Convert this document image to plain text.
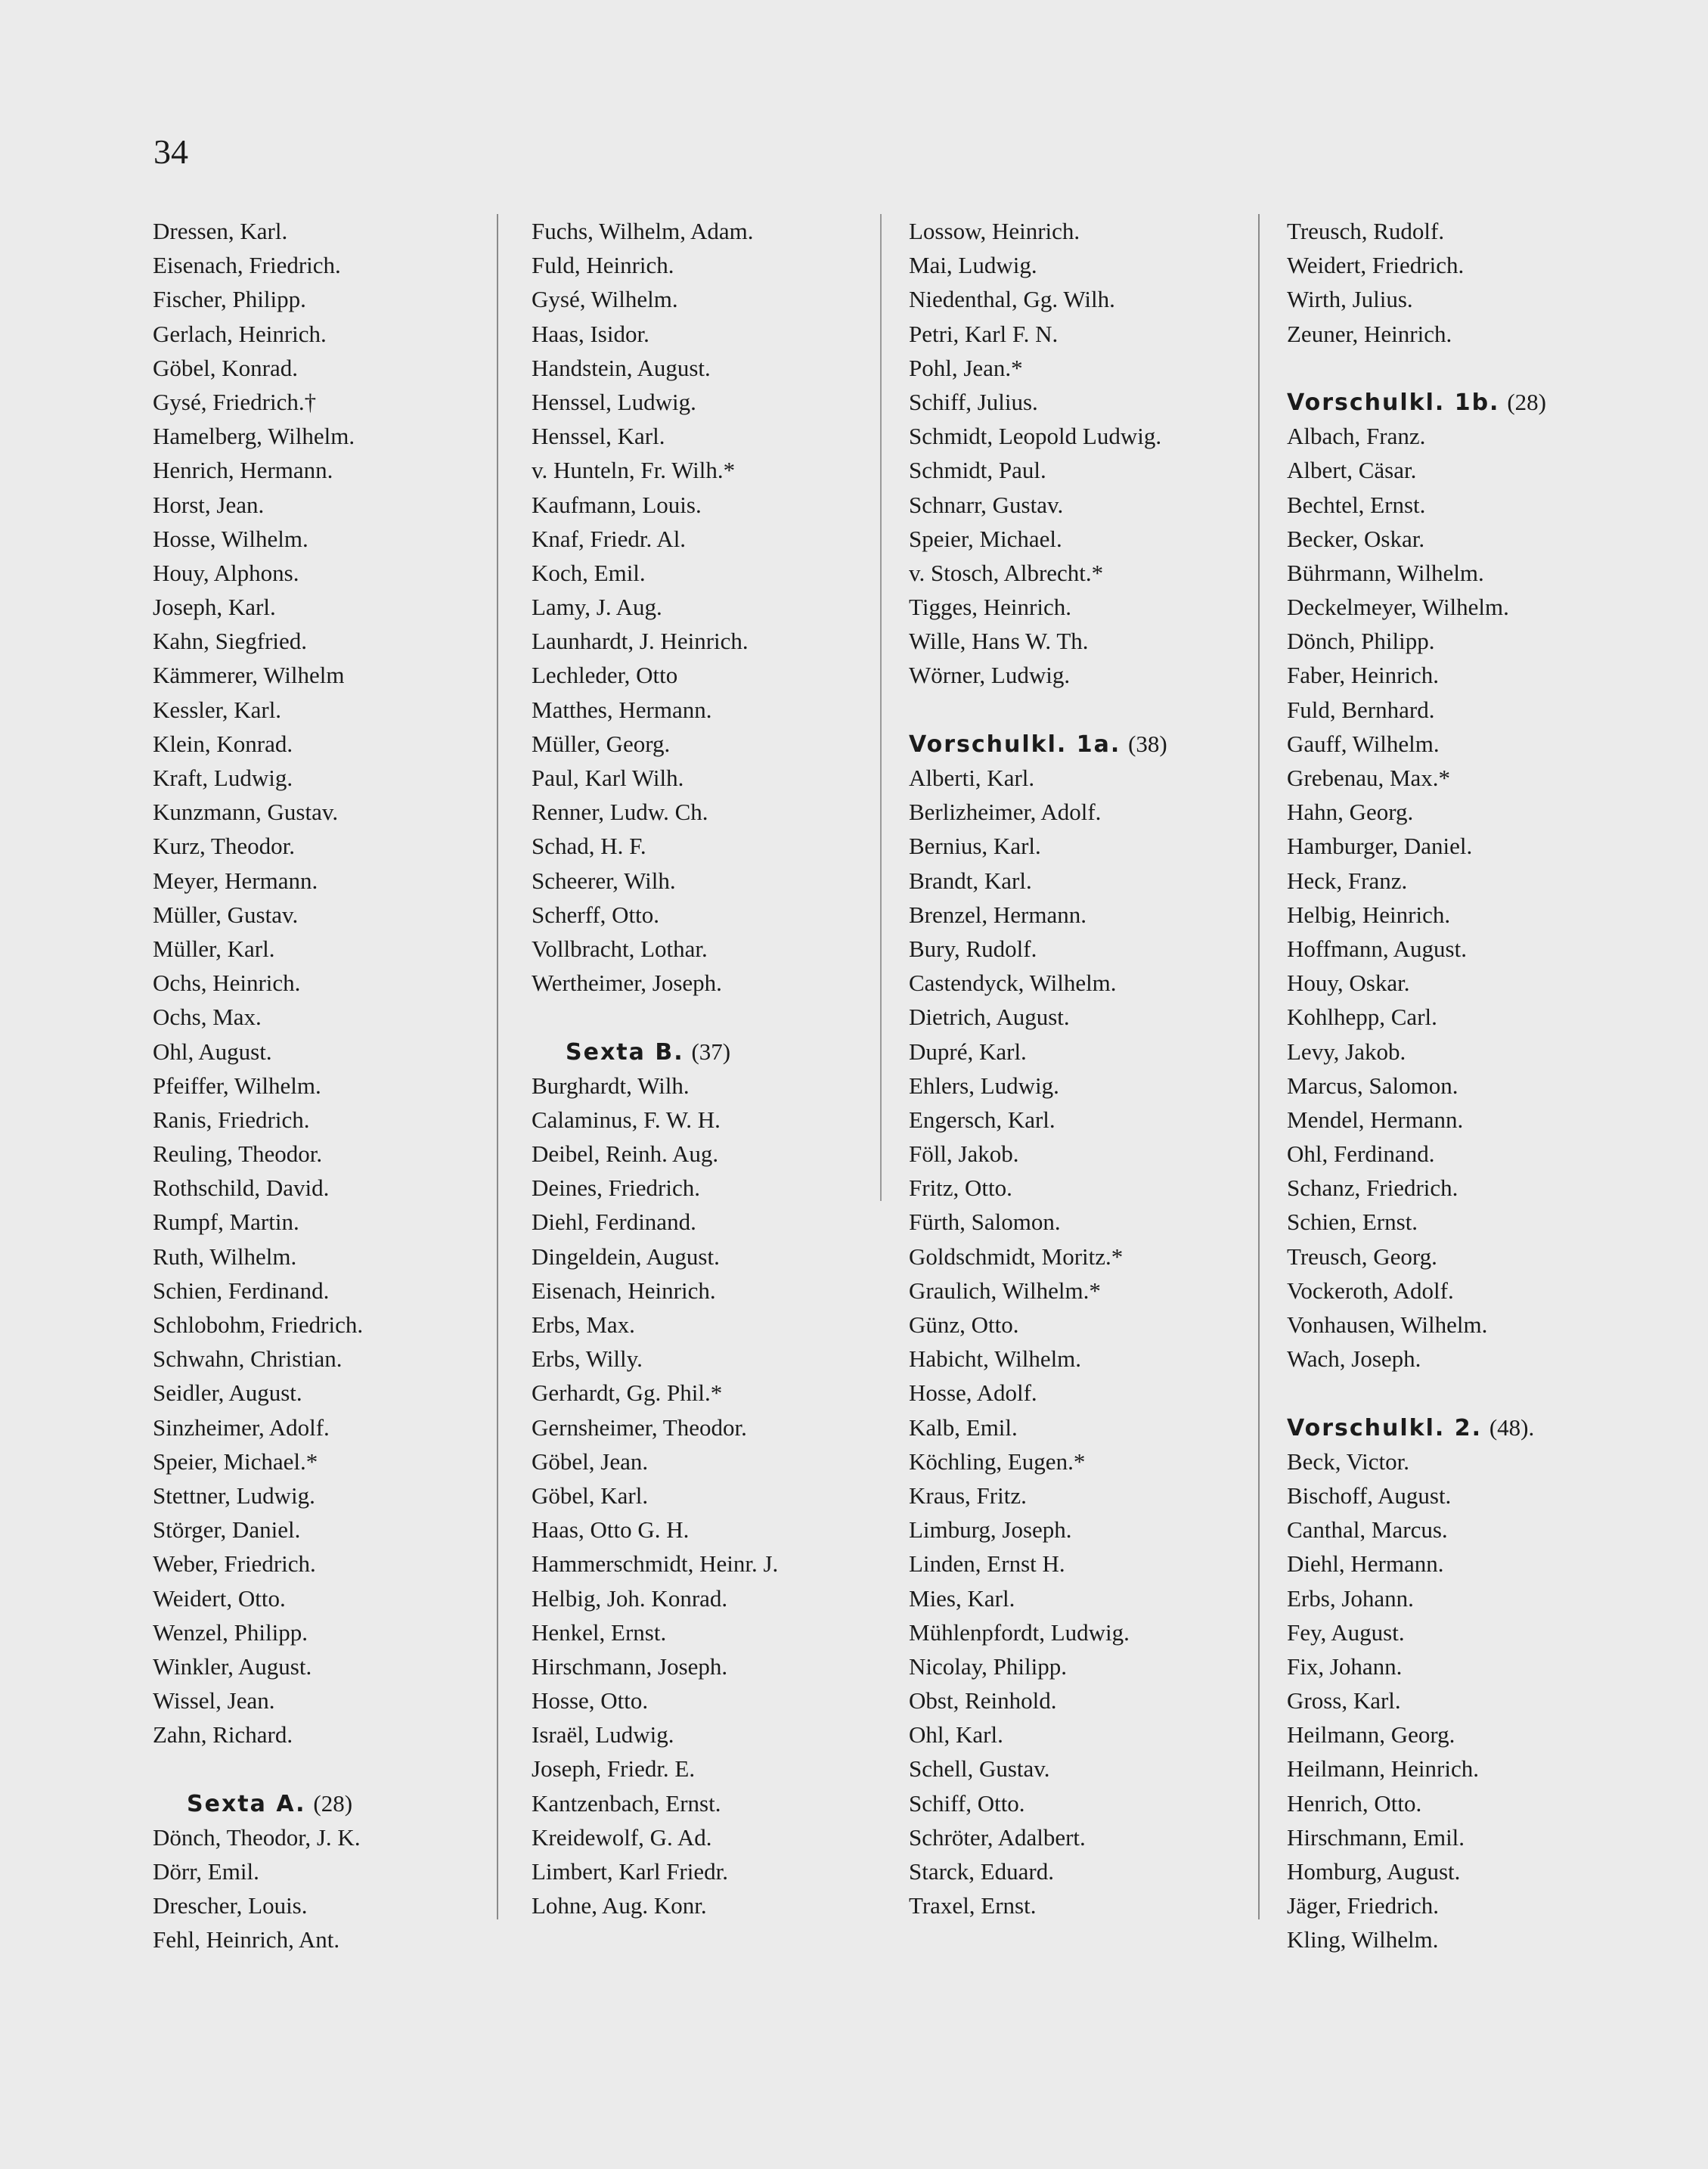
34
Dressen, Karl.
Eisenach, Friedrich.
Fischer, Philipp.
Gerlach, Heinrich.
Göbel, Konrad.
Gysé, Friedrich.†
Hamelberg, Wilhelm.
Henrich, Hermann.
Horst, Jean.
Hosse, Wilhelm.
Houy, Alphons.
Joseph, Karl.
Kahn, Siegfried.
Kämmerer, Wilhelm
Kessler, Karl.
Klein, Konrad.
Kraft, Ludwig.
Kunzmann, Gustav.
Kurz, Theodor.
Meyer, Hermann.
Müller, Gustav.
Müller, Karl.
Ochs, Heinrich.
Ochs, Max.
Ohl, August.
Pfeiffer, Wilhelm.
Ranis, Friedrich.
Reuling, Theodor.
Rothschild, David.
Rumpf, Martin.
Ruth, Wilhelm.
Schien, Ferdinand.
Schlobohm, Friedrich.
Schwahn, Christian.
Seidler, August.
Sinzheimer, Adolf.
Speier, Michael.*
Stettner, Ludwig.
Störger, Daniel.
Weber, Friedrich.
Weidert, Otto.
Wenzel, Philipp.
Winkler, August.
Wissel, Jean.
Zahn, Richard.
Sexta A. (28)
Dönch, Theodor, J. K.
Dörr, Emil.
Drescher, Louis.
Fehl, Heinrich, Ant.
Fuchs, Wilhelm, Adam.
Fuld, Heinrich.
Gysé, Wilhelm.
Haas, Isidor.
Handstein, August.
Henssel, Ludwig.
Henssel, Karl.
v. Hunteln, Fr. Wilh.*
Kaufmann, Louis.
Knaf, Friedr. Al.
Koch, Emil.
Lamy, J. Aug.
Launhardt, J. Heinrich.
Lechleder, Otto
Matthes, Hermann.
Müller, Georg.
Paul, Karl Wilh.
Renner, Ludw. Ch.
Schad, H. F.
Scheerer, Wilh.
Scherff, Otto.
Vollbracht, Lothar.
Wertheimer, Joseph.
Sexta B. (37)
Burghardt, Wilh.
Calaminus, F. W. H.
Deibel, Reinh. Aug.
Deines, Friedrich.
Diehl, Ferdinand.
Dingeldein, August.
Eisenach, Heinrich.
Erbs, Max.
Erbs, Willy.
Gerhardt, Gg. Phil.*
Gernsheimer, Theodor.
Göbel, Jean.
Göbel, Karl.
Haas, Otto G. H.
Hammerschmidt, Heinr. J.
Helbig, Joh. Konrad.
Henkel, Ernst.
Hirschmann, Joseph.
Hosse, Otto.
Israël, Ludwig.
Joseph, Friedr. E.
Kantzenbach, Ernst.
Kreidewolf, G. Ad.
Limbert, Karl Friedr.
Lohne, Aug. Konr.
Lossow, Heinrich.
Mai, Ludwig.
Niedenthal, Gg. Wilh.
Petri, Karl F. N.
Pohl, Jean.*
Schiff, Julius.
Schmidt, Leopold Ludwig.
Schmidt, Paul.
Schnarr, Gustav.
Speier, Michael.
v. Stosch, Albrecht.*
Tigges, Heinrich.
Wille, Hans W. Th.
Wörner, Ludwig.
Vorschulkl. 1a. (38)
Alberti, Karl.
Berlizheimer, Adolf.
Bernius, Karl.
Brandt, Karl.
Brenzel, Hermann.
Bury, Rudolf.
Castendyck, Wilhelm.
Dietrich, August.
Dupré, Karl.
Ehlers, Ludwig.
Engersch, Karl.
Föll, Jakob.
Fritz, Otto.
Fürth, Salomon.
Goldschmidt, Moritz.*
Graulich, Wilhelm.*
Günz, Otto.
Habicht, Wilhelm.
Hosse, Adolf.
Kalb, Emil.
Köchling, Eugen.*
Kraus, Fritz.
Limburg, Joseph.
Linden, Ernst H.
Mies, Karl.
Mühlenpfordt, Ludwig.
Nicolay, Philipp.
Obst, Reinhold.
Ohl, Karl.
Schell, Gustav.
Schiff, Otto.
Schröter, Adalbert.
Starck, Eduard.
Traxel, Ernst.
Treusch, Rudolf.
Weidert, Friedrich.
Wirth, Julius.
Zeuner, Heinrich.
Vorschulkl. 1b. (28)
Albach, Franz.
Albert, Cäsar.
Bechtel, Ernst.
Becker, Oskar.
Bührmann, Wilhelm.
Deckelmeyer, Wilhelm.
Dönch, Philipp.
Faber, Heinrich.
Fuld, Bernhard.
Gauff, Wilhelm.
Grebenau, Max.*
Hahn, Georg.
Hamburger, Daniel.
Heck, Franz.
Helbig, Heinrich.
Hoffmann, August.
Houy, Oskar.
Kohlhepp, Carl.
Levy, Jakob.
Marcus, Salomon.
Mendel, Hermann.
Ohl, Ferdinand.
Schanz, Friedrich.
Schien, Ernst.
Treusch, Georg.
Vockeroth, Adolf.
Vonhausen, Wilhelm.
Wach, Joseph.
Vorschulkl. 2. (48).
Beck, Victor.
Bischoff, August.
Canthal, Marcus.
Diehl, Hermann.
Erbs, Johann.
Fey, August.
Fix, Johann.
Gross, Karl.
Heilmann, Georg.
Heilmann, Heinrich.
Henrich, Otto.
Hirschmann, Emil.
Homburg, August.
Jäger, Friedrich.
Kling, Wilhelm.
